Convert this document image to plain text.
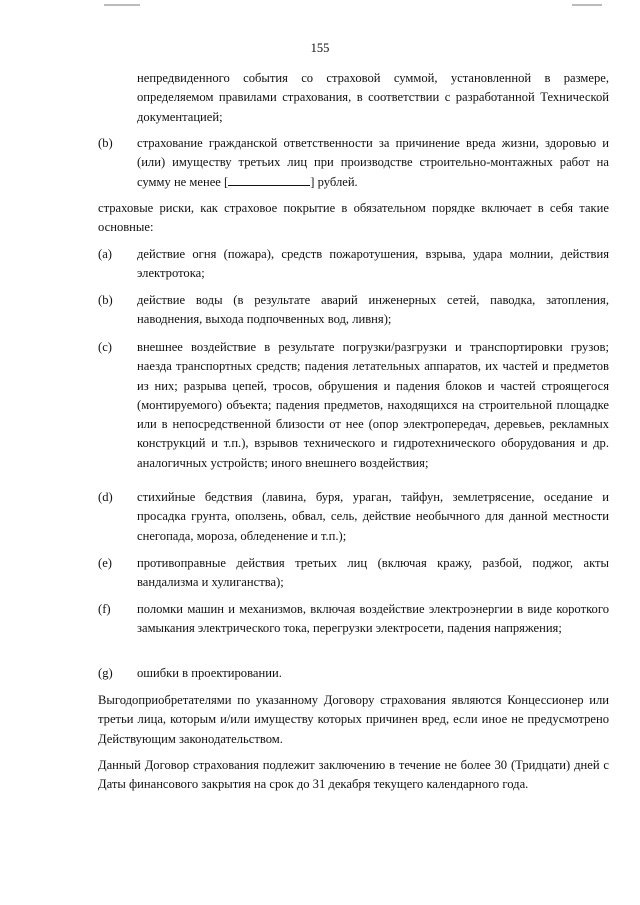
155
непредвиденного события со страховой суммой, установленной в размере, определяемом правилами страхования, в соответствии с разработанной Технической документацией;
(b) страхование гражданской ответственности за причинение вреда жизни, здоровью и (или) имуществу третьих лиц при производстве строительно-монтажных работ на сумму не менее [	] рублей.
страховые риски, как страховое покрытие в обязательном порядке включает в себя такие основные:
(a) действие огня (пожара), средств пожаротушения, взрыва, удара молнии, действия электротока;
(b) действие воды (в результате аварий инженерных сетей, паводка, затопления, наводнения, выхода подпочвенных вод, ливня);
(c) внешнее воздействие в результате погрузки/разгрузки и транспортировки грузов; наезда транспортных средств; падения летательных аппаратов, их частей и предметов из них; разрыва цепей, тросов, обрушения и падения блоков и частей строящегося (монтируемого) объекта; падения предметов, находящихся на строительной площадке или в непосредственной близости от нее (опор электропередач, деревьев, рекламных конструкций и т.п.), взрывов технического и гидротехнического оборудования и др. аналогичных устройств; иного внешнего воздействия;
(d) стихийные бедствия (лавина, буря, ураган, тайфун, землетрясение, оседание и просадка грунта, оползень, обвал, сель, действие необычного для данной местности снегопада, мороза, обледенение и т.п.);
(e) противоправные действия третьих лиц (включая кражу, разбой, поджог, акты вандализма и хулиганства);
(f) поломки машин и механизмов, включая воздействие электроэнергии в виде короткого замыкания электрического тока, перегрузки электросети, падения напряжения;
(g) ошибки в проектировании.
Выгодоприобретателями по указанному Договору страхования являются Концессионер или третьи лица, которым и/или имуществу которых причинен вред, если иное не предусмотрено Действующим законодательством.
Данный Договор страхования подлежит заключению в течение не более 30 (Тридцати) дней с Даты финансового закрытия на срок до 31 декабря текущего календарного года.
